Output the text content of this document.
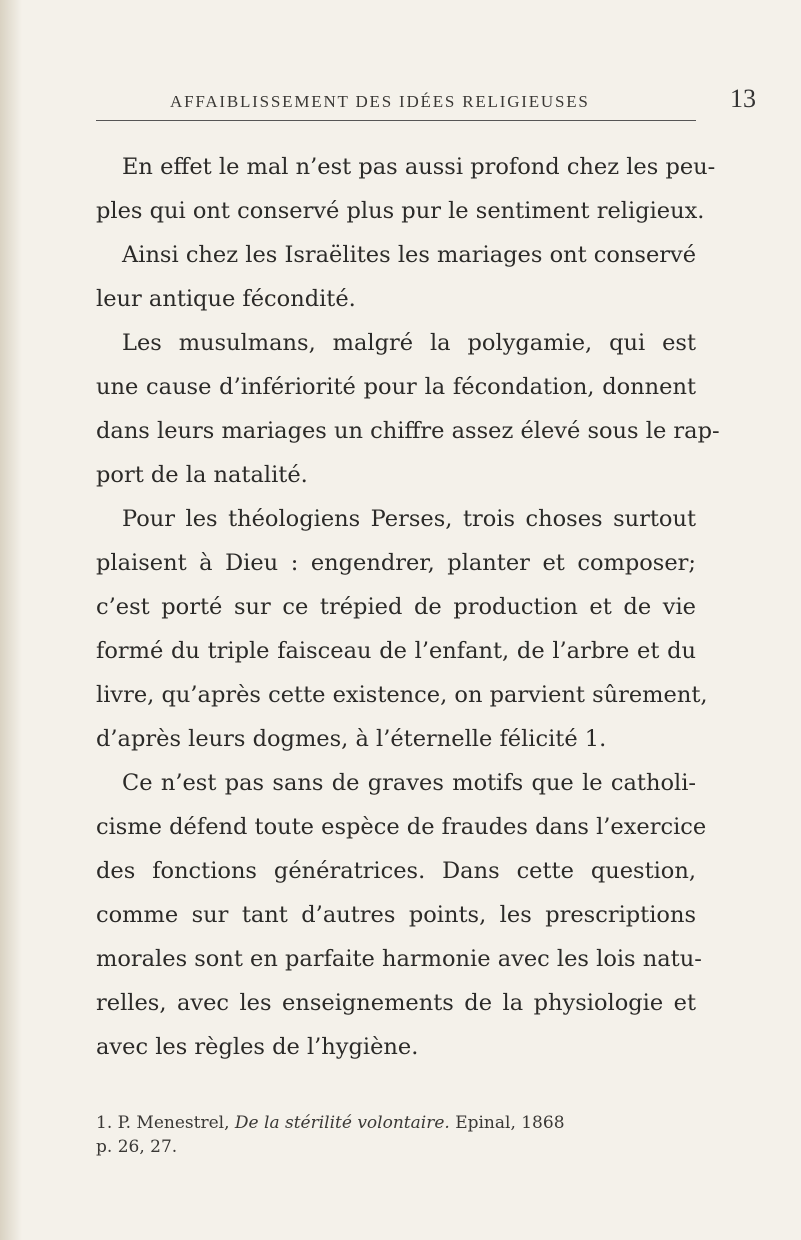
AFFAIBLISSEMENT DES IDÉES RELIGIEUSES	13
En effet le mal n’est pas aussi profond chez les peu-
ples qui ont conservé plus pur le sentiment religieux.
Ainsi chez les Israëlites les mariages ont conservé
leur antique fécondité.
Les musulmans, malgré la polygamie, qui est
une cause d’infériorité pour la fécondation, donnent
dans leurs mariages un chiffre assez élevé sous le rap-
port de la natalité.
Pour les théologiens Perses, trois choses surtout
plaisent à Dieu : engendrer, planter et composer;
c’est porté sur ce trépied de production et de vie
formé du triple faisceau de l’enfant, de l’arbre et du
livre, qu’après cette existence, on parvient sûrement,
d’après leurs dogmes, à l’éternelle félicité 1.
Ce n’est pas sans de graves motifs que le catholi-
cisme défend toute espèce de fraudes dans l’exercice
des fonctions génératrices. Dans cette question,
comme sur tant d’autres points, les prescriptions
morales sont en parfaite harmonie avec les lois natu-
relles, avec les enseignements de la physiologie et
avec les règles de l’hygiène.
1. P. Menestrel, De la stérilité volontaire. Epinal, 1868
p. 26, 27.
